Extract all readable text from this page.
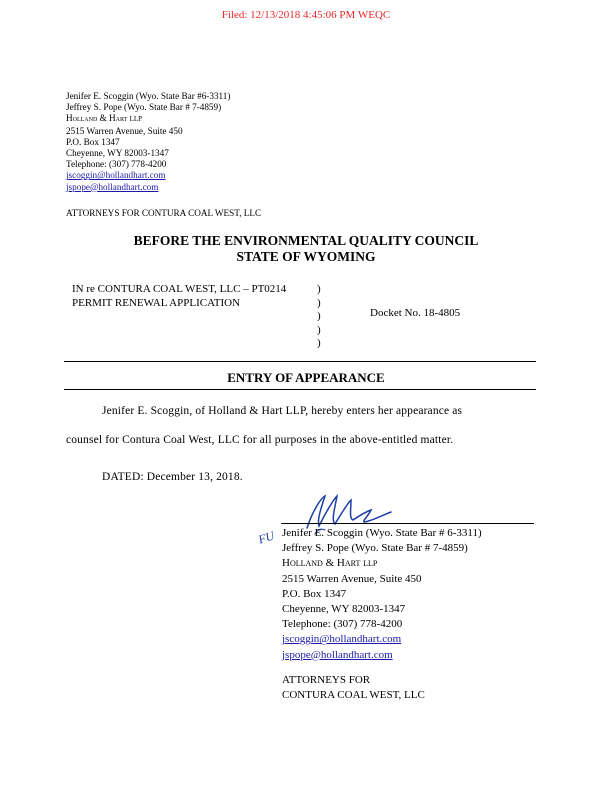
Filed: 12/13/2018 4:45:06 PM WEQC
Jenifer E. Scoggin (Wyo. State Bar #6-3311)
Jeffrey S. Pope (Wyo. State Bar # 7-4859)
Holland & Hart LLP
2515 Warren Avenue, Suite 450
P.O. Box 1347
Cheyenne, WY 82003-1347
Telephone: (307) 778-4200
jscoggin@hollandhart.com
jspope@hollandhart.com
ATTORNEYS FOR CONTURA COAL WEST, LLC
BEFORE THE ENVIRONMENTAL QUALITY COUNCIL
STATE OF WYOMING
IN re CONTURA COAL WEST, LLC – PT0214
PERMIT RENEWAL APPLICATION
)
)
)
)
)
Docket No. 18-4805
ENTRY OF APPEARANCE
Jenifer E. Scoggin, of Holland & Hart LLP, hereby enters her appearance as
counsel for Contura Coal West, LLC for all purposes in the above-entitled matter.
DATED: December 13, 2018.
FU Jenifer E. Scoggin (Wyo. State Bar # 6-3311)
Jeffrey S. Pope (Wyo. State Bar # 7-4859)
Holland & Hart LLP
2515 Warren Avenue, Suite 450
P.O. Box 1347
Cheyenne, WY 82003-1347
Telephone: (307) 778-4200
jscoggin@hollandhart.com
jspope@hollandhart.com
ATTORNEYS FOR
CONTURA COAL WEST, LLC
